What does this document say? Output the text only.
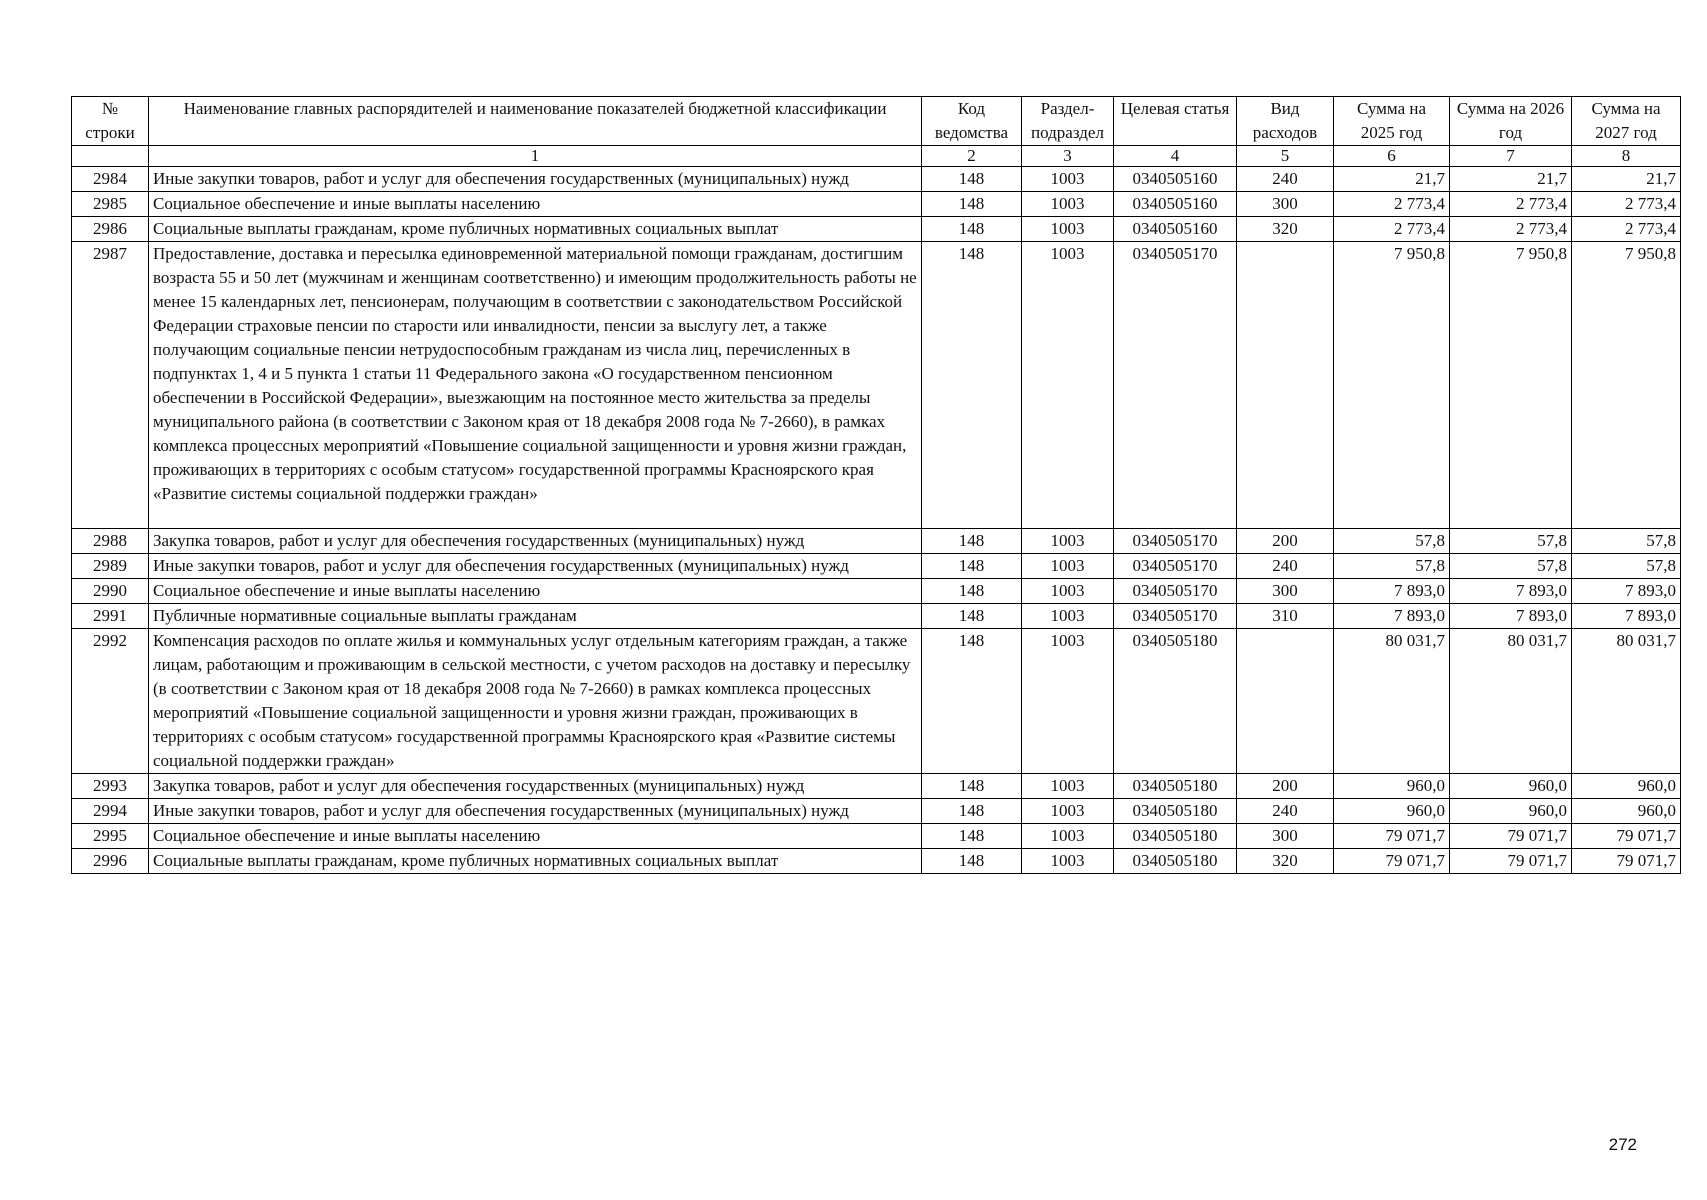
№ строки	Наименование главных распорядителей и наименование показателей бюджетной классификации	Код ведомства	Раздел-подраздел	Целевая статья	Вид расходов	Сумма на 2025 год	Сумма на 2026 год	Сумма на 2027 год
	1	2	3	4	5	6	7	8
2984	Иные закупки товаров, работ и услуг для обеспечения государственных (муниципальных) нужд	148	1003	0340505160	240	21,7	21,7	21,7
2985	Социальное обеспечение и иные выплаты населению	148	1003	0340505160	300	2 773,4	2 773,4	2 773,4
2986	Социальные выплаты гражданам, кроме публичных нормативных социальных выплат	148	1003	0340505160	320	2 773,4	2 773,4	2 773,4
2987	Предоставление, доставка и пересылка единовременной материальной помощи гражданам, достигшим возраста 55 и 50 лет (мужчинам и женщинам соответственно) и имеющим продолжительность работы не менее 15 календарных лет, пенсионерам, получающим в соответствии с законодательством Российской Федерации страховые пенсии по старости или инвалидности, пенсии за выслугу лет, а также получающим социальные пенсии нетрудоспособным гражданам из числа лиц, перечисленных в подпунктах 1, 4 и 5 пункта 1 статьи 11 Федерального закона «О государственном пенсионном обеспечении в Российской Федерации», выезжающим на постоянное место жительства за пределы муниципального района (в соответствии с Законом края от 18 декабря 2008 года № 7-2660), в рамках комплекса процессных мероприятий «Повышение социальной защищенности и уровня жизни граждан, проживающих в территориях с особым статусом» государственной программы Красноярского края «Развитие системы социальной поддержки граждан»	148	1003	0340505170		7 950,8	7 950,8	7 950,8
2988	Закупка товаров, работ и услуг для обеспечения государственных (муниципальных) нужд	148	1003	0340505170	200	57,8	57,8	57,8
2989	Иные закупки товаров, работ и услуг для обеспечения государственных (муниципальных) нужд	148	1003	0340505170	240	57,8	57,8	57,8
2990	Социальное обеспечение и иные выплаты населению	148	1003	0340505170	300	7 893,0	7 893,0	7 893,0
2991	Публичные нормативные социальные выплаты гражданам	148	1003	0340505170	310	7 893,0	7 893,0	7 893,0
2992	Компенсация расходов по оплате жилья и коммунальных услуг отдельным категориям граждан, а также лицам, работающим и проживающим в сельской местности, с учетом расходов на доставку и пересылку (в соответствии с Законом края от 18 декабря 2008 года № 7-2660) в рамках комплекса процессных мероприятий «Повышение социальной защищенности и уровня жизни граждан, проживающих в территориях с особым статусом» государственной программы Красноярского края «Развитие системы социальной поддержки граждан»	148	1003	0340505180		80 031,7	80 031,7	80 031,7
2993	Закупка товаров, работ и услуг для обеспечения государственных (муниципальных) нужд	148	1003	0340505180	200	960,0	960,0	960,0
2994	Иные закупки товаров, работ и услуг для обеспечения государственных (муниципальных) нужд	148	1003	0340505180	240	960,0	960,0	960,0
2995	Социальное обеспечение и иные выплаты населению	148	1003	0340505180	300	79 071,7	79 071,7	79 071,7
2996	Социальные выплаты гражданам, кроме публичных нормативных социальных выплат	148	1003	0340505180	320	79 071,7	79 071,7	79 071,7
272
